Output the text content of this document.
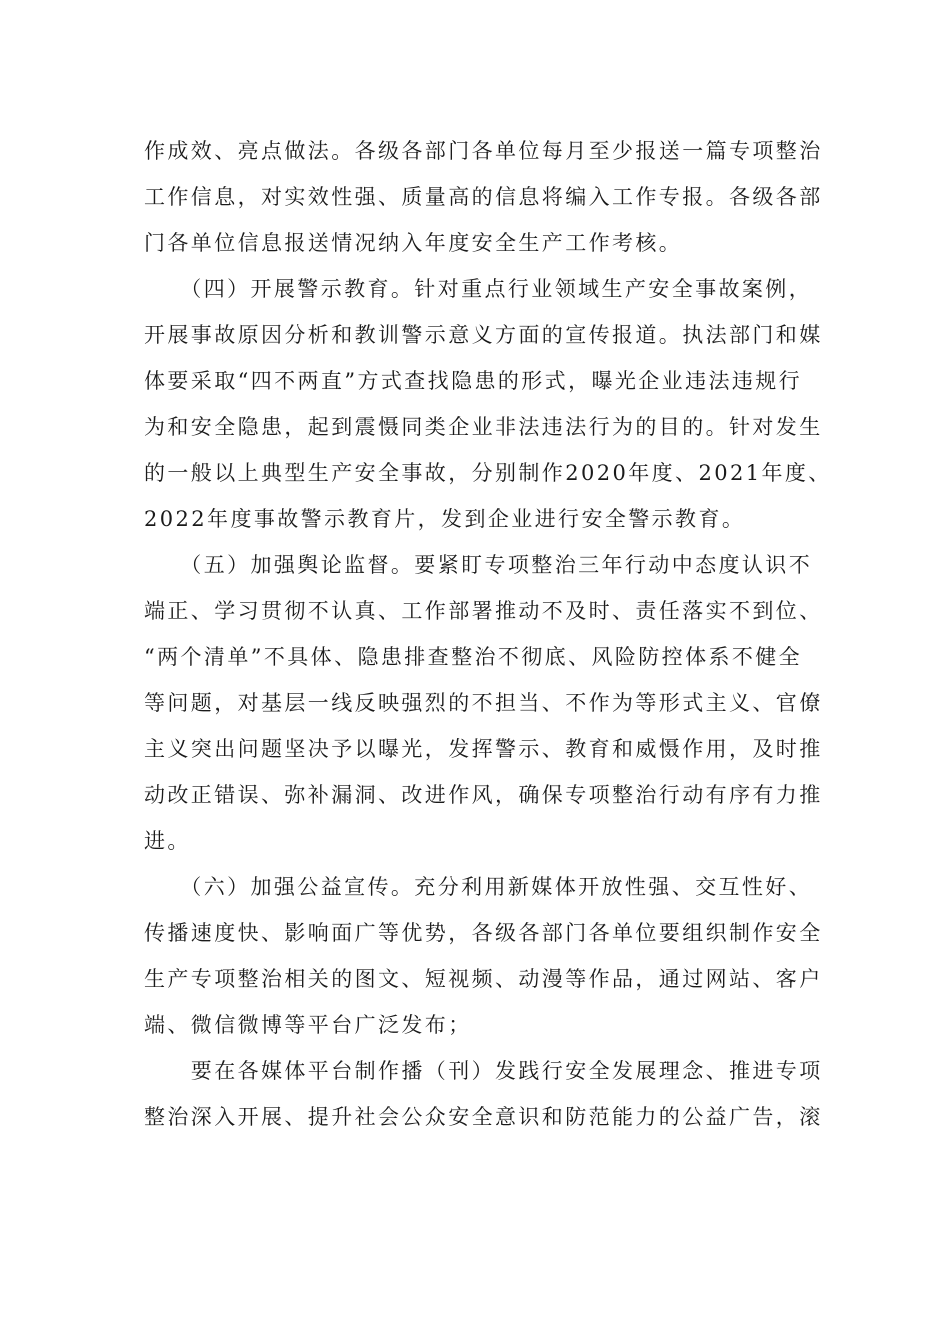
作成效、亮点做法。各级各部门各单位每月至少报送一篇专项整治
工作信息，对实效性强、质量高的信息将编入工作专报。各级各部
门各单位信息报送情况纳入年度安全生产工作考核。
　　（四）开展警示教育。针对重点行业领域生产安全事故案例，
开展事故原因分析和教训警示意义方面的宣传报道。执法部门和媒
体要采取“四不两直”方式查找隐患的形式，曝光企业违法违规行
为和安全隐患，起到震慑同类企业非法违法行为的目的。针对发生
的一般以上典型生产安全事故，分别制作2020年度、2021年度、
2022年度事故警示教育片，发到企业进行安全警示教育。
　　（五）加强舆论监督。要紧盯专项整治三年行动中态度认识不
端正、学习贯彻不认真、工作部署推动不及时、责任落实不到位、
“两个清单”不具体、隐患排查整治不彻底、风险防控体系不健全
等问题，对基层一线反映强烈的不担当、不作为等形式主义、官僚
主义突出问题坚决予以曝光，发挥警示、教育和威慑作用，及时推
动改正错误、弥补漏洞、改进作风，确保专项整治行动有序有力推
进。
　　（六）加强公益宣传。充分利用新媒体开放性强、交互性好、
传播速度快、影响面广等优势，各级各部门各单位要组织制作安全
生产专项整治相关的图文、短视频、动漫等作品，通过网站、客户
端、微信微博等平台广泛发布；
　　要在各媒体平台制作播（刊）发践行安全发展理念、推进专项
整治深入开展、提升社会公众安全意识和防范能力的公益广告，滚
